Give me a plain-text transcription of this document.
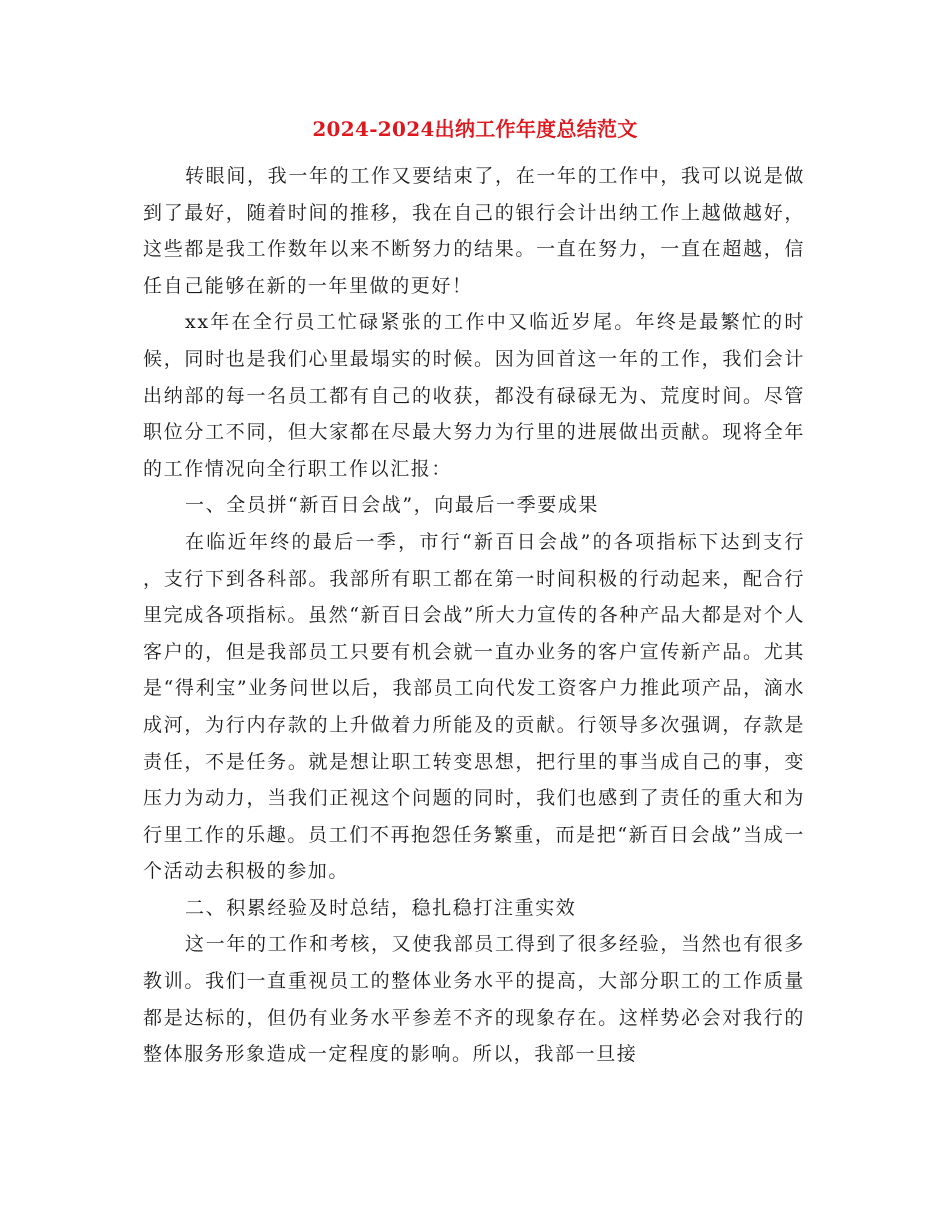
2024-2024出纳工作年度总结范文

转眼间，我一年的工作又要结束了，在一年的工作中，我可以说是做到了最好，随着时间的推移，我在自己的银行会计出纳工作上越做越好，这些都是我工作数年以来不断努力的结果。一直在努力，一直在超越，信任自己能够在新的一年里做的更好！

xx年在全行员工忙碌紧张的工作中又临近岁尾。年终是最繁忙的时候，同时也是我们心里最塌实的时候。因为回首这一年的工作，我们会计出纳部的每一名员工都有自己的收获，都没有碌碌无为、荒度时间。尽管职位分工不同，但大家都在尽最大努力为行里的进展做出贡献。现将全年的工作情况向全行职工作以汇报：

一、全员拼“新百日会战”，向最后一季要成果

在临近年终的最后一季，市行“新百日会战”的各项指标下达到支行，支行下到各科部。我部所有职工都在第一时间积极的行动起来，配合行里完成各项指标。虽然“新百日会战”所大力宣传的各种产品大都是对个人客户的，但是我部员工只要有机会就一直办业务的客户宣传新产品。尤其是“得利宝”业务问世以后，我部员工向代发工资客户力推此项产品，滴水成河，为行内存款的上升做着力所能及的贡献。行领导多次强调，存款是责任，不是任务。就是想让职工转变思想，把行里的事当成自己的事，变压力为动力，当我们正视这个问题的同时，我们也感到了责任的重大和为行里工作的乐趣。员工们不再抱怨任务繁重，而是把“新百日会战”当成一个活动去积极的参加。

二、积累经验及时总结，稳扎稳打注重实效

这一年的工作和考核，又使我部员工得到了很多经验，当然也有很多教训。我们一直重视员工的整体业务水平的提高，大部分职工的工作质量都是达标的，但仍有业务水平参差不齐的现象存在。这样势必会对我行的整体服务形象造成一定程度的影响。所以，我部一旦接
